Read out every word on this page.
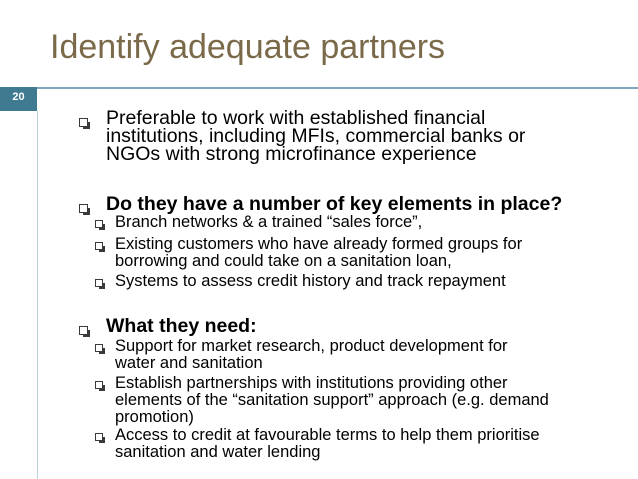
Identify adequate partners
20
Preferable to work with established financial
institutions, including MFIs, commercial banks or
NGOs with strong microfinance experience
Do they have a number of key elements in place?
Branch networks & a trained “sales force”,
Existing customers who have already formed groups for
borrowing and could take on a sanitation loan,
Systems to assess credit history and track repayment
What they need:
Support for market research, product development for
water and sanitation
Establish partnerships with institutions providing other
elements of the “sanitation support” approach (e.g. demand
promotion)
Access to credit at favourable terms to help them prioritise
sanitation and water lending
